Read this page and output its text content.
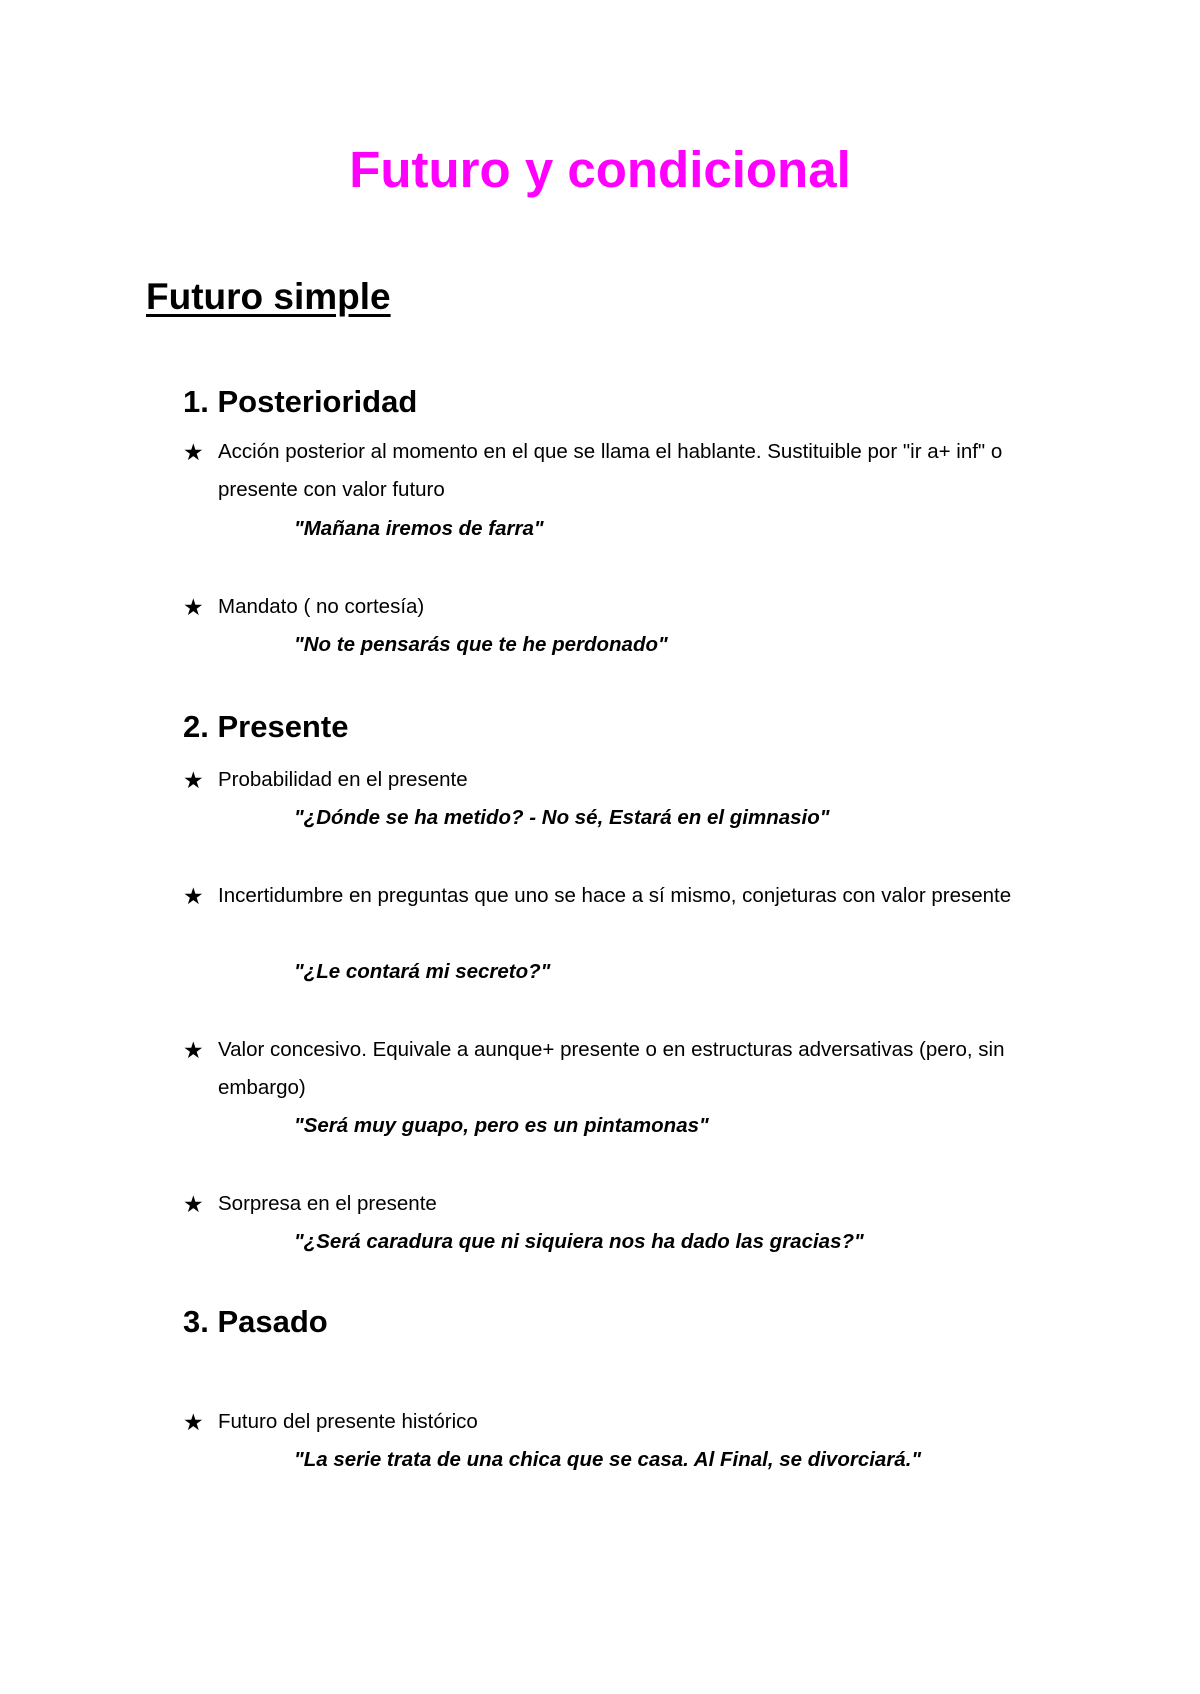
Futuro y condicional
Futuro simple
1. Posterioridad
★ Acción posterior al momento en el que se llama el hablante. Sustituible por "ir a+ inf" o presente con valor futuro
"Mañana iremos de farra"
★ Mandato ( no cortesía)
"No te pensarás que te he perdonado"
2. Presente
★ Probabilidad en el presente
"¿Dónde se ha metido? - No sé, Estará en el gimnasio"
★ Incertidumbre en preguntas que uno se hace a sí mismo, conjeturas con valor presente
"¿Le contará mi secreto?"
★ Valor concesivo. Equivale a aunque+ presente o en estructuras adversativas (pero, sin embargo)
"Será muy guapo, pero es un pintamonas"
★ Sorpresa en el presente
"¿Será caradura que ni siquiera nos ha dado las gracias?"
3. Pasado
★ Futuro del presente histórico
"La serie trata de una chica que se casa. Al Final, se divorciará."
